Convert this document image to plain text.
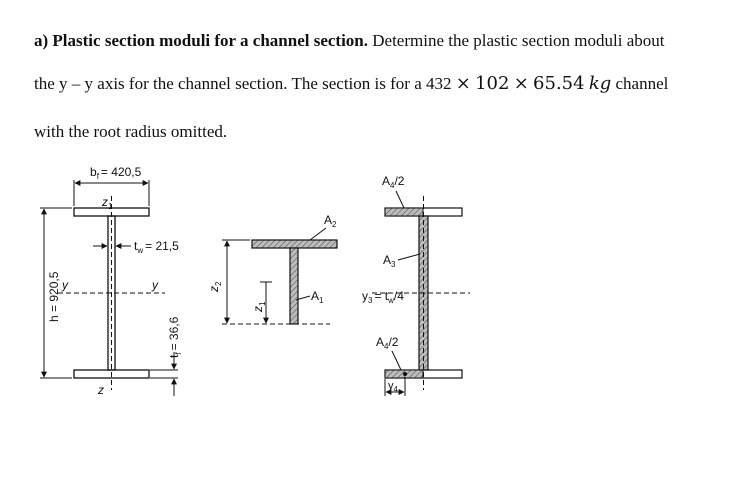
a) Plastic section moduli for a channel section. Determine the plastic section moduli about
the y – y axis for the channel section. The section is for a 432 × 102 × 65.54 kg channel
with the root radius omitted.
$b_f = 420,5$
$z_1$
$t_w = 21,5$
y	y
z
h = 920,5
$t_f= 36,6$
$z_2$
$z_1$
$A_2$
$A_1$
$A_4/2$
$A_3$
$y_3 = t_w/4$
$A_4/2$
$y_4$
